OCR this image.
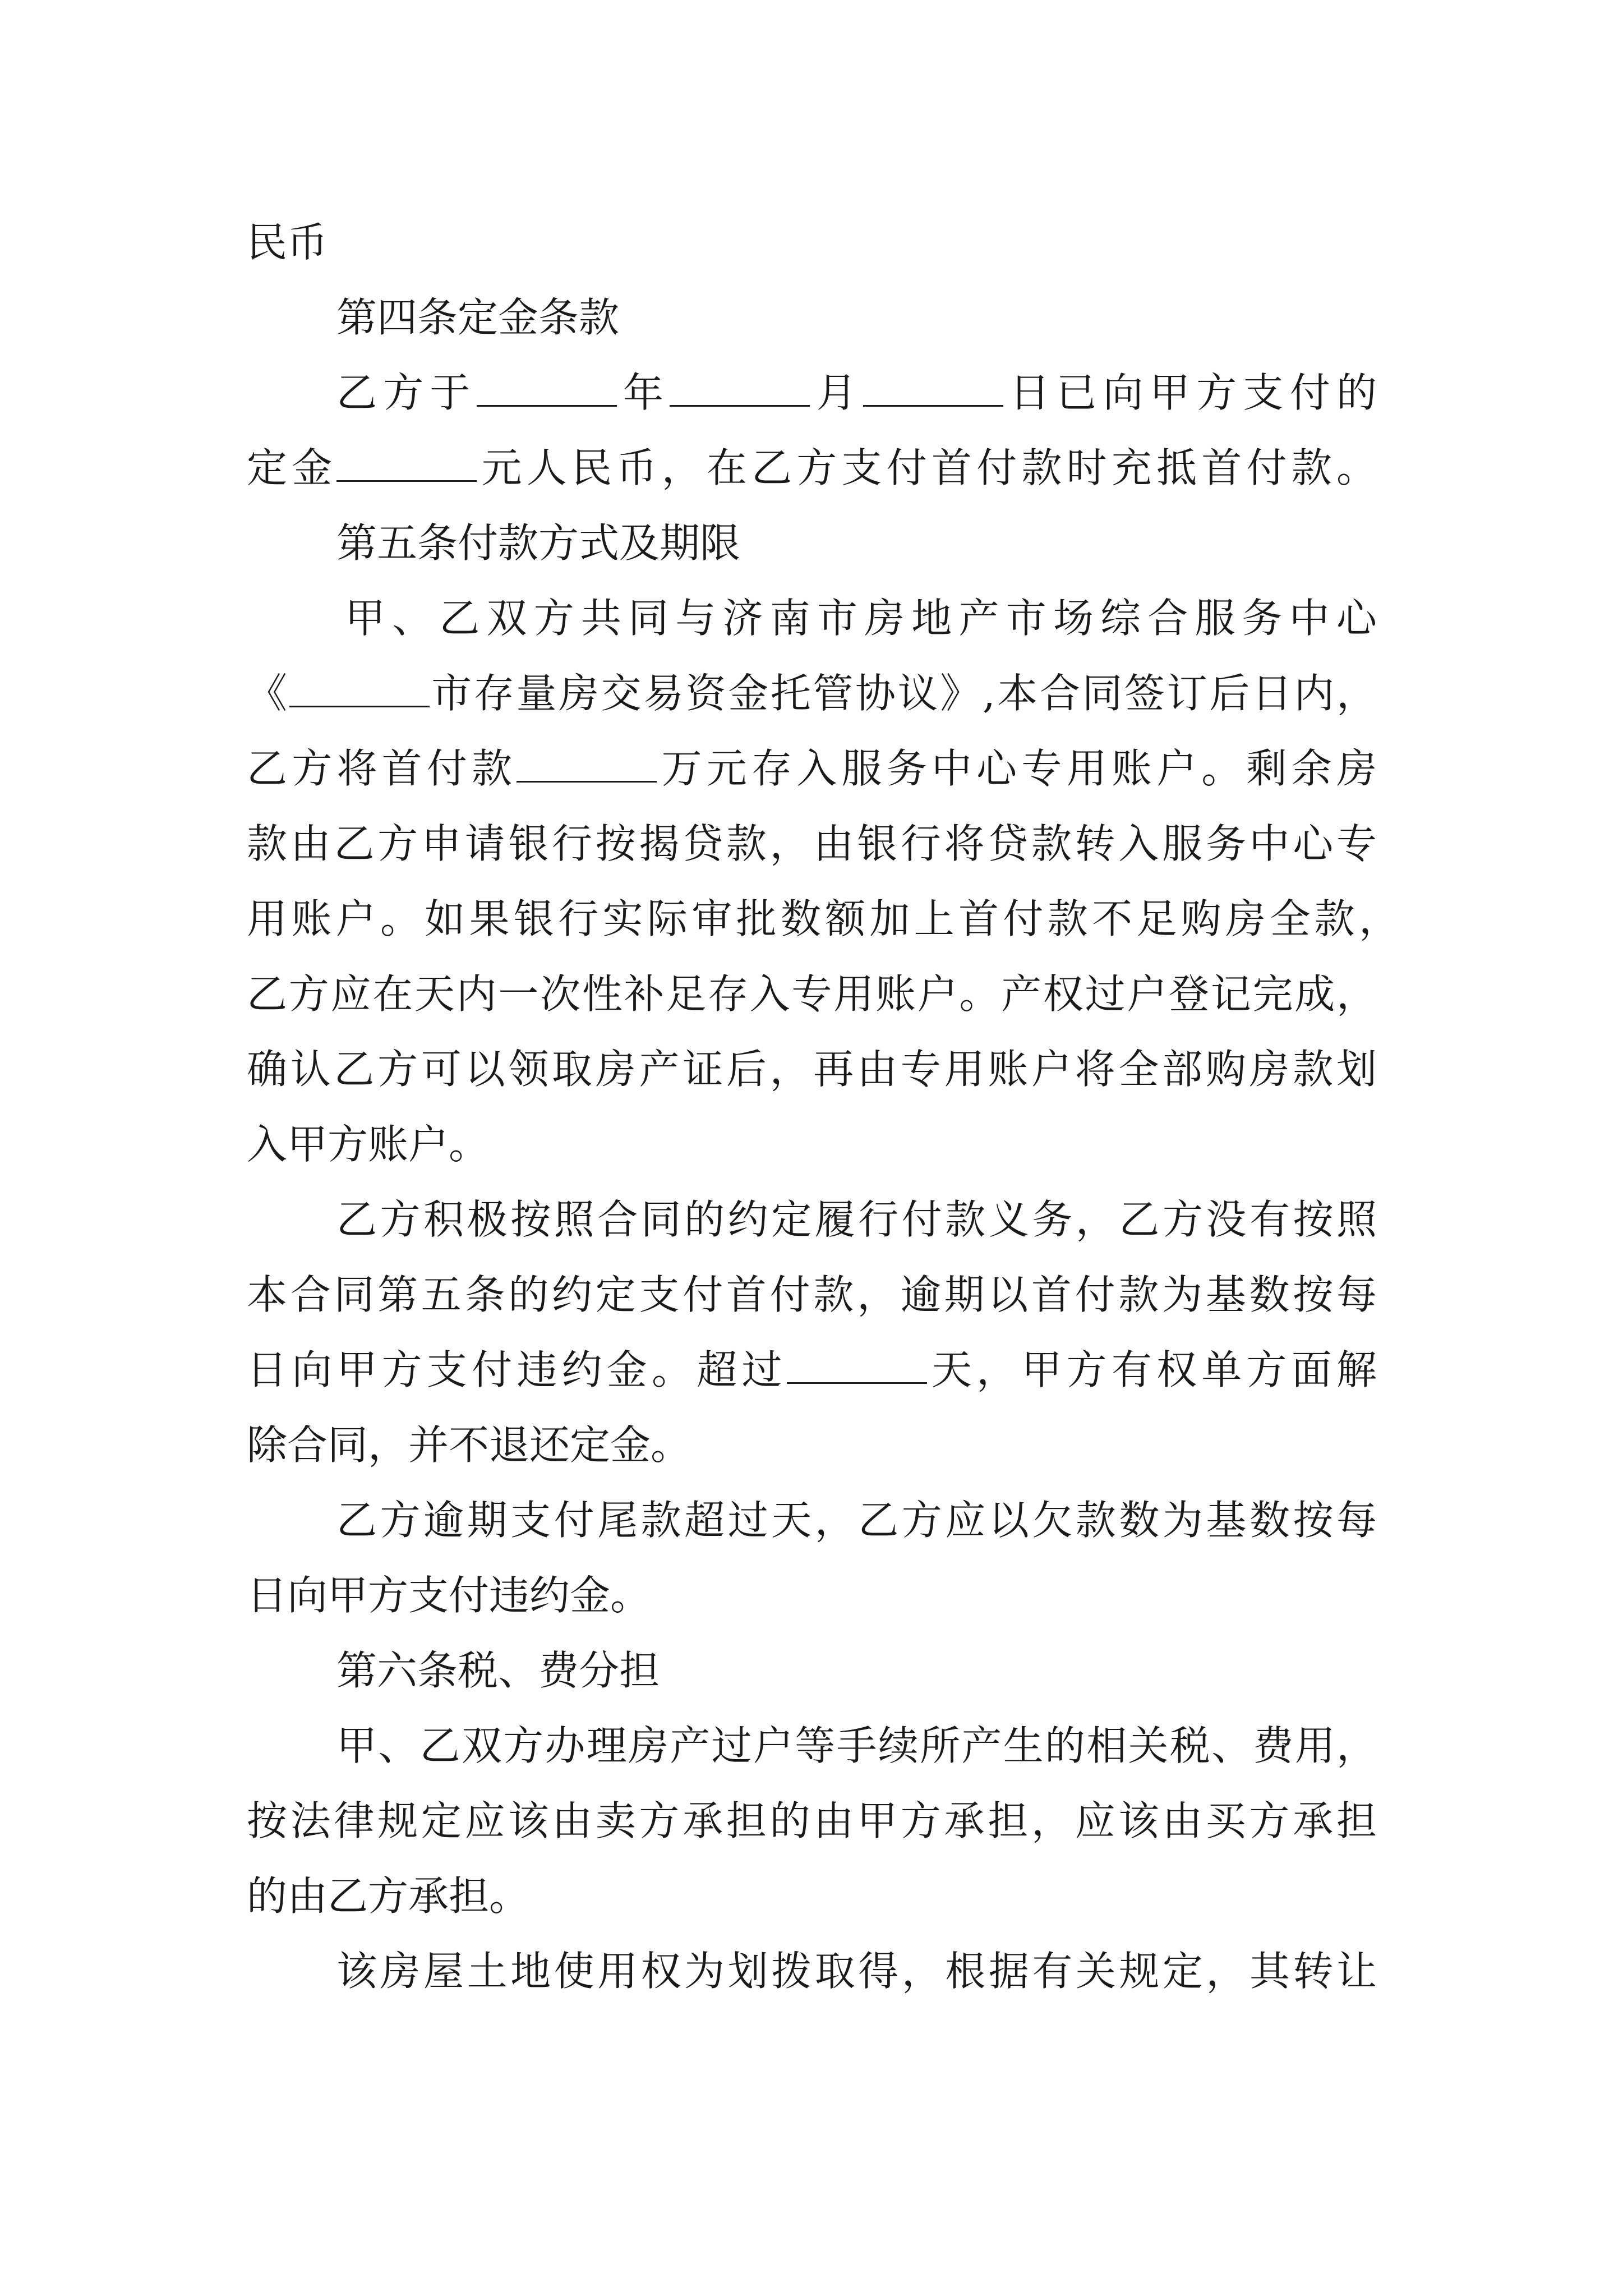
民币
第四条定金条款
乙方于	年	月	日已向甲方支付的
定金	元人民币，在乙方支付首付款时充抵首付款。
第五条付款方式及期限
甲、乙双方共同与济南市房地产市场综合服务中心
《	市存量房交易资金托管协议》,本合同签订后日内，
乙方将首付款	万元存入服务中心专用账户。剩余房
款由乙方申请银行按揭贷款，由银行将贷款转入服务中心专
用账户。如果银行实际审批数额加上首付款不足购房全款，
乙方应在天内一次性补足存入专用账户。产权过户登记完成，
确认乙方可以领取房产证后，再由专用账户将全部购房款划
入甲方账户。
乙方积极按照合同的约定履行付款义务，乙方没有按照
本合同第五条的约定支付首付款，逾期以首付款为基数按每
日向甲方支付违约金。超过	天，甲方有权单方面解
除合同，并不退还定金。
乙方逾期支付尾款超过天，乙方应以欠款数为基数按每
日向甲方支付违约金。
第六条税、费分担
甲、乙双方办理房产过户等手续所产生的相关税、费用，
按法律规定应该由卖方承担的由甲方承担，应该由买方承担
的由乙方承担。
该房屋土地使用权为划拨取得，根据有关规定，其转让
